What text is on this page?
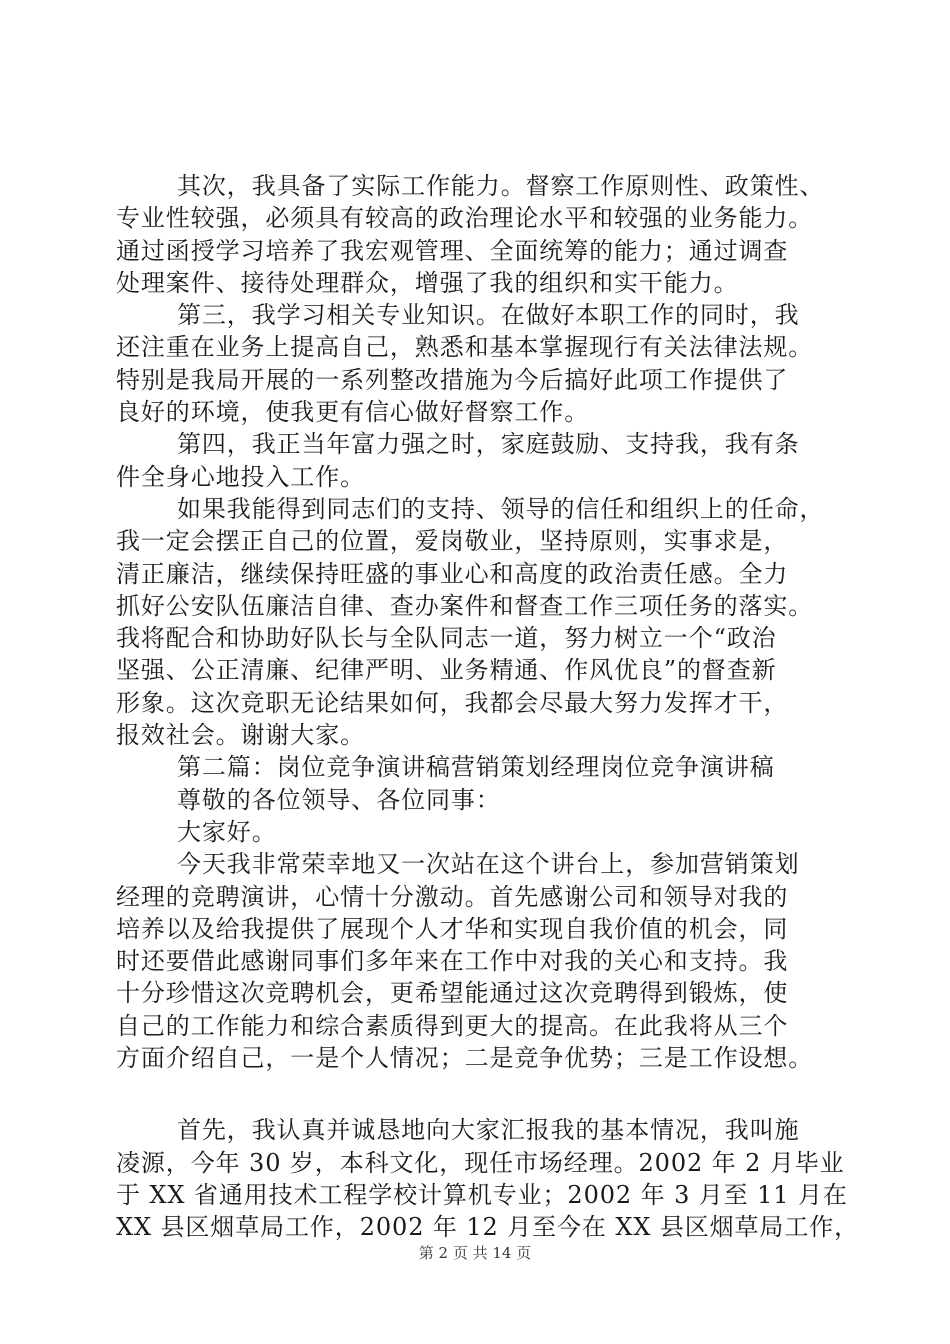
其次，我具备了实际工作能力。督察工作原则性、政策性、
专业性较强，必须具有较高的政治理论水平和较强的业务能力。
通过函授学习培养了我宏观管理、全面统筹的能力；通过调查
处理案件、接待处理群众，增强了我的组织和实干能力。
第三，我学习相关专业知识。在做好本职工作的同时，我
还注重在业务上提高自己，熟悉和基本掌握现行有关法律法规。
特别是我局开展的一系列整改措施为今后搞好此项工作提供了
良好的环境，使我更有信心做好督察工作。
第四，我正当年富力强之时，家庭鼓励、支持我，我有条
件全身心地投入工作。
如果我能得到同志们的支持、领导的信任和组织上的任命，
我一定会摆正自己的位置，爱岗敬业，坚持原则，实事求是，
清正廉洁，继续保持旺盛的事业心和高度的政治责任感。全力
抓好公安队伍廉洁自律、查办案件和督查工作三项任务的落实。
我将配合和协助好队长与全队同志一道，努力树立一个“政治
坚强、公正清廉、纪律严明、业务精通、作风优良”的督查新
形象。这次竞职无论结果如何，我都会尽最大努力发挥才干，
报效社会。谢谢大家。
第二篇：岗位竞争演讲稿营销策划经理岗位竞争演讲稿
尊敬的各位领导、各位同事：
大家好。
今天我非常荣幸地又一次站在这个讲台上，参加营销策划
经理的竞聘演讲，心情十分激动。首先感谢公司和领导对我的
培养以及给我提供了展现个人才华和实现自我价值的机会，同
时还要借此感谢同事们多年来在工作中对我的关心和支持。我
十分珍惜这次竞聘机会，更希望能通过这次竞聘得到锻炼，使
自己的工作能力和综合素质得到更大的提高。在此我将从三个
方面介绍自己，一是个人情况；二是竞争优势；三是工作设想。
首先，我认真并诚恳地向大家汇报我的基本情况，我叫施
凌源，今年 30 岁，本科文化，现任市场经理。2002 年 2 月毕业
于 XX 省通用技术工程学校计算机专业；2002 年 3 月至 11 月在
XX 县区烟草局工作，2002 年 12 月至今在 XX 县区烟草局工作，
第 2 页 共 14 页
